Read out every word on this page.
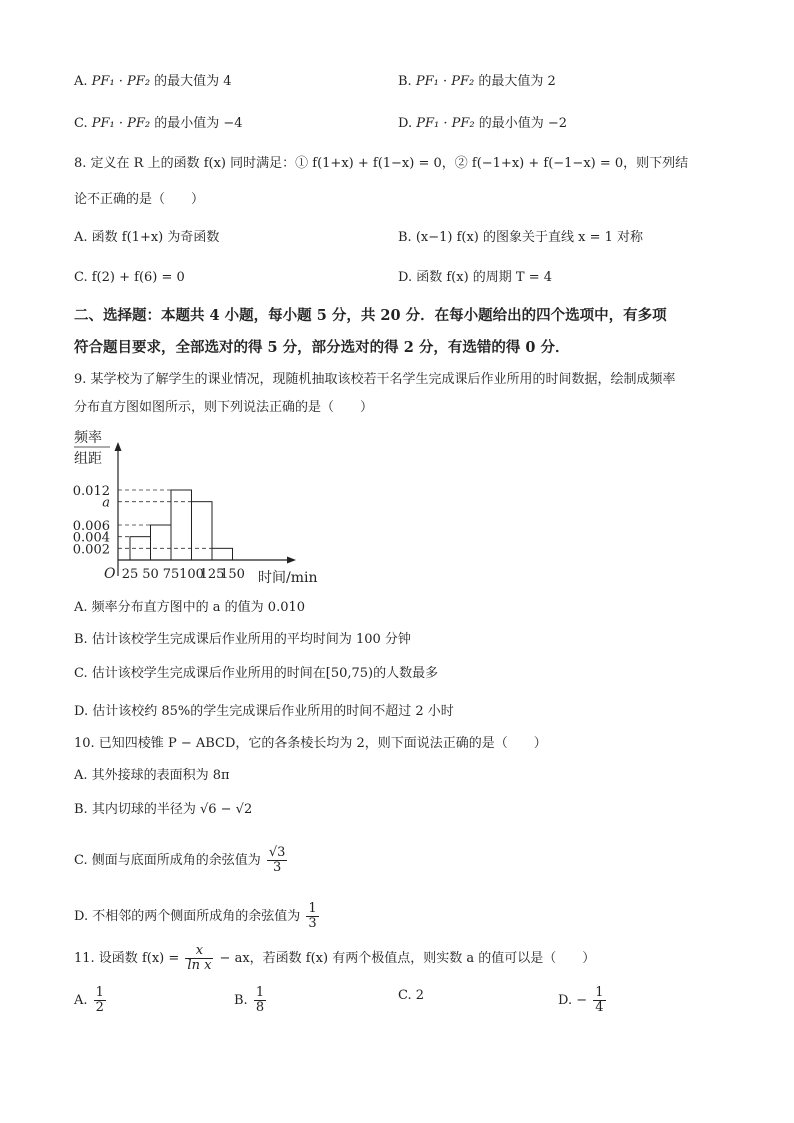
A. PF₁ · PF₂ 的最大值为 4	B. PF₁ · PF₂ 的最大值为 2
C. PF₁ · PF₂ 的最小值为 −4	D. PF₁ · PF₂ 的最小值为 −2
8. 定义在 R 上的函数 f(x) 同时满足：① f(1+x) + f(1−x) = 0，② f(−1+x) + f(−1−x) = 0，则下列结
论不正确的是（　　）
A. 函数 f(1+x) 为奇函数	B. (x−1) f(x) 的图象关于直线 x = 1 对称
C. f(2) + f(6) = 0	D. 函数 f(x) 的周期 T = 4
二、选择题：本题共 4 小题，每小题 5 分，共 20 分．在每小题给出的四个选项中，有多项
符合题目要求，全部选对的得 5 分，部分选对的得 2 分，有选错的得 0 分．
9. 某学校为了解学生的课业情况，现随机抽取该校若干名学生完成课后作业所用的时间数据，绘制成频率
分布直方图如图所示，则下列说法正确的是（　　）
频率
组距
O	时间/min
0.012
a
0.006
0.004
0.002
25 50 75 100
125
150
A. 频率分布直方图中的 a 的值为 0.010
B. 估计该校学生完成课后作业所用的平均时间为 100 分钟
C. 估计该校学生完成课后作业所用的时间在[50,75)的人数最多
D. 估计该校约 85%的学生完成课后作业所用的时间不超过 2 小时
10. 已知四棱锥 P − ABCD，它的各条棱长均为 2，则下面说法正确的是（　　）
A. 其外接球的表面积为 8π
B. 其内切球的半径为 √6 − √2
C. 侧面与底面所成角的余弦值为 $\frac{√3}{3}$
D. 不相邻的两个侧面所成角的余弦值为 $\frac{1}{3}$
11. 设函数 $f(x) = \frac{x}{\text{ln x}}$ − ax，若函数 f(x) 有两个极值点，则实数 a 的值可以是（　　）
A. $\frac{1}{2}$	B. $\frac{1}{8}$	C. 2	D. − $\frac{1}{4}$
